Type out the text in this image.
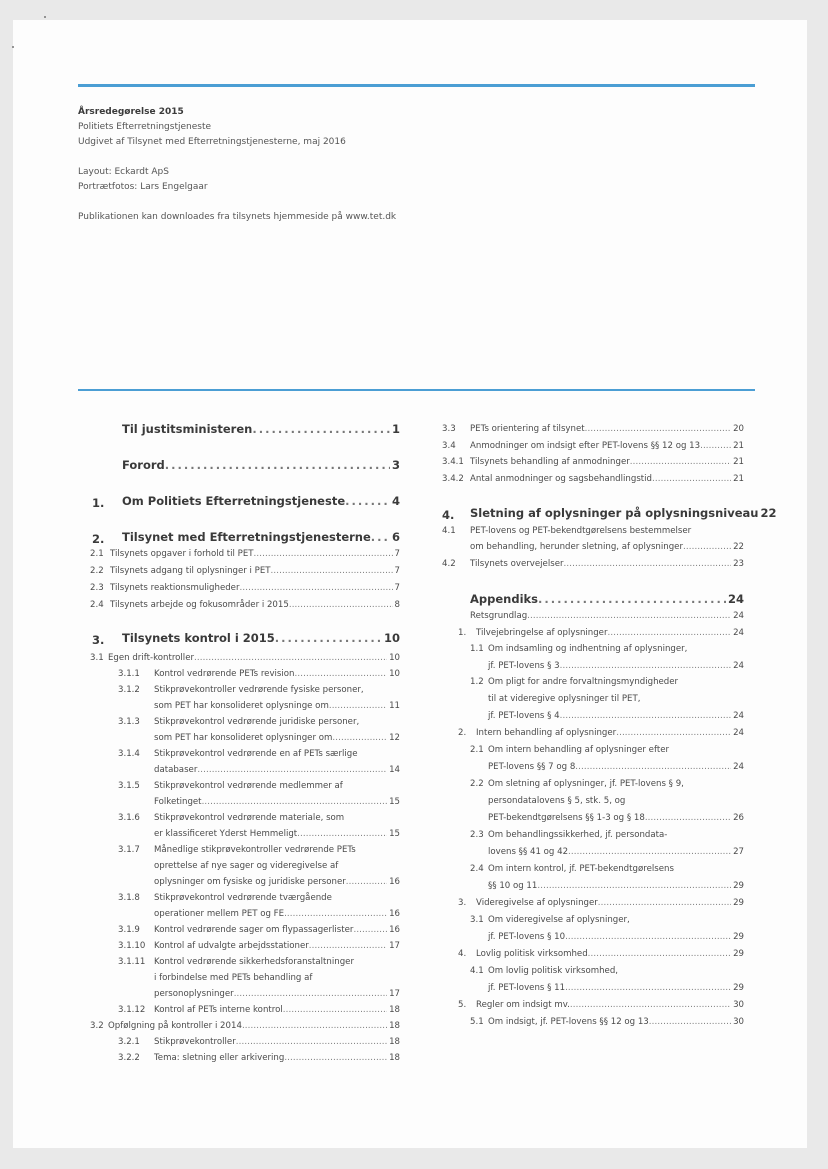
Årsredegørelse 2015
Politiets Efterretningstjeneste
Udgivet af Tilsynet med Efterretningstjenesterne, maj 2016
Layout: Eckardt ApS
Portrætfotos: Lars Engelgaar
Publikationen kan downloades fra tilsynets hjemmeside på www.tet.dk
Til justitsministeren . . .	1
Forord . . .	3
1. Om Politiets Efterretningstjeneste . . .	4
2. Tilsynet med Efterretningstjenesterne . . . 6
2.1 Tilsynets opgaver i forhold til PET . . .	7
2.2 Tilsynets adgang til oplysninger i PET . . .	7
2.3 Tilsynets reaktionsmuligheder . . .	7
2.4 Tilsynets arbejde og fokusområder i 2015 . . .	8
3. Tilsynets kontrol i 2015 . . .	10
3.1 Egen drift-kontroller . . .	10
3.1.1 Kontrol vedrørende PETs revision . . .	10
3.1.2 Stikprøvekontroller vedrørende fysiske personer,
som PET har konsolideret oplysninge om . . .	11
3.1.3 Stikprøvekontrol vedrørende juridiske personer,
som PET har konsolideret oplysninger om . . .	12
3.1.4 Stikprøvekontrol vedrørende en af PETs særlige
databaser . . .	14
3.1.5 Stikprøvekontrol vedrørende medlemmer af
Folketinget . . .	15
3.1.6 Stikprøvekontrol vedrørende materiale, som
er klassificeret Yderst Hemmeligt . . .	15
3.1.7 Månedlige stikprøvekontroller vedrørende PETs
oprettelse af nye sager og videregivelse af
oplysninger om fysiske og juridiske personer . . .	16
3.1.8 Stikprøvekontrol vedrørende tværgående
operationer mellem PET og FE . . .	16
3.1.9 Kontrol vedrørende sager om flypassagerlister . . .	16
3.1.10 Kontrol af udvalgte arbejdsstationer . . .	17
3.1.11 Kontrol vedrørende sikkerhedsforanstaltninger
i forbindelse med PETs behandling af
personoplysninger . . .	17
3.1.12 Kontrol af PETs interne kontrol . . .	18
3.2 Opfølgning på kontroller i 2014 . . .	18
3.2.1 Stikprøvekontroller . . .	18
3.2.2 Tema: sletning eller arkivering . . .	18
3.3 PETs orientering af tilsynet . . .	20
3.4 Anmodninger om indsigt efter PET-lovens §§ 12 og 13 . . .	21
3.4.1 Tilsynets behandling af anmodninger . . .	21
3.4.2 Antal anmodninger og sagsbehandlingstid . . .	21
4. Sletning af oplysninger på oplysningsniveau 22
4.1 PET-lovens og PET-bekendtgørelsens bestemmelser
om behandling, herunder sletning, af oplysninger . . .	22
4.2 Tilsynets overvejelser . . .	23
Appendiks . . .	24
Retsgrundlag . . .	24
1. Tilvejebringelse af oplysninger . . .	24
1.1 Om indsamling og indhentning af oplysninger,
jf. PET-lovens § 3 . . .	24
1.2 Om pligt for andre forvaltningsmyndigheder
til at videregive oplysninger til PET,
jf. PET-lovens § 4 . . .	24
2. Intern behandling af oplysninger . . .	24
2.1 Om intern behandling af oplysninger efter
PET-lovens §§ 7 og 8 . . .	24
2.2 Om sletning af oplysninger, jf. PET-lovens § 9,
persondatalovens § 5, stk. 5, og
PET-bekendtgørelsens §§ 1-3 og § 18 . . .	26
2.3 Om behandlingssikkerhed, jf. persondata-
lovens §§ 41 og 42 . . .	27
2.4 Om intern kontrol, jf. PET-bekendtgørelsens
§§ 10 og 11 . . .	29
3. Videregivelse af oplysninger . . .	29
3.1 Om videregivelse af oplysninger,
jf. PET-lovens § 10 . . .	29
4. Lovlig politisk virksomhed . . .	29
4.1 Om lovlig politisk virksomhed,
jf. PET-lovens § 11 . . .	29
5. Regler om indsigt mv. . . .	30
5.1 Om indsigt, jf. PET-lovens §§ 12 og 13 . . .	30
